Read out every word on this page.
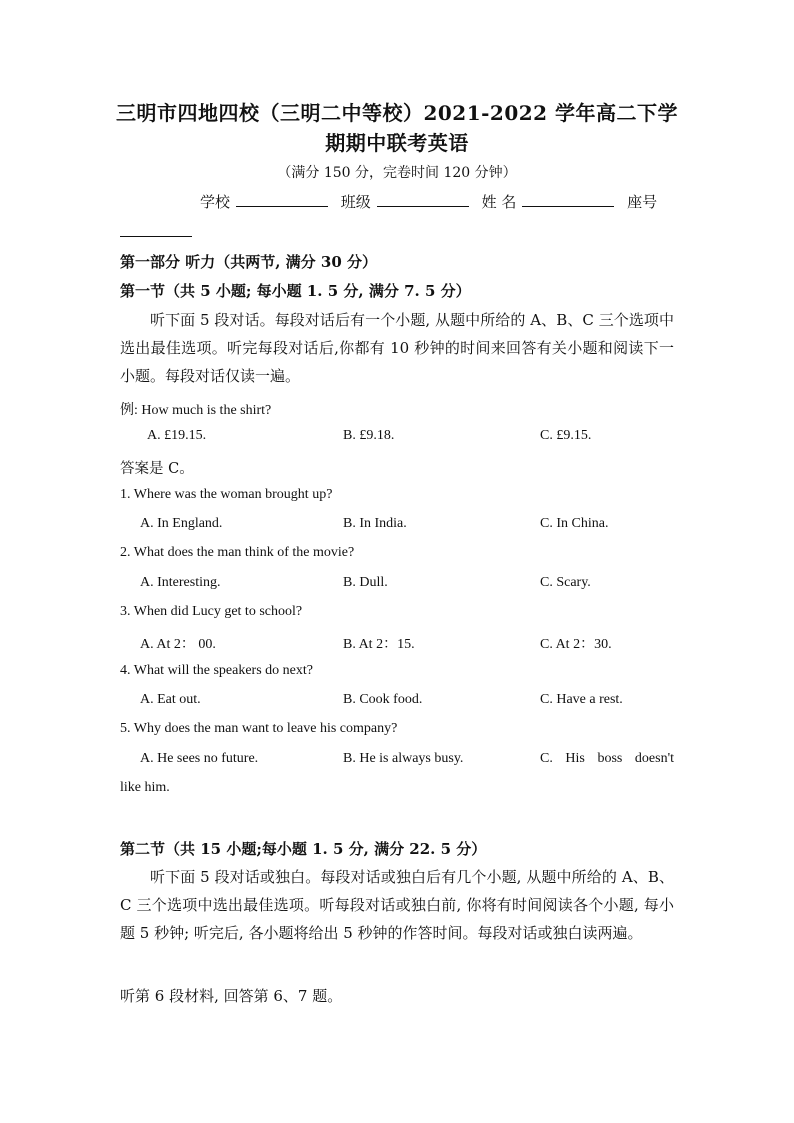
三明市四地四校（三明二中等校）2021-2022 学年高二下学
期期中联考英语
（满分 150 分，完卷时间 120 分钟）
学校	班级	姓 名	座号
第一部分 听力（共两节, 满分 30 分）
第一节（共 5 小题; 每小题 1. 5 分, 满分 7. 5 分）
听下面 5 段对话。每段对话后有一个小题, 从题中所给的 A、B、C 三个选项中选出最佳选项。听完每段对话后,你都有 10 秒钟的时间来回答有关小题和阅读下一小题。每段对话仅读一遍。
例: How much is the shirt?
A. £19.15.	B. £9.18.	C. £9.15.
答案是 C。
1. Where was the woman brought up?
A. In England.	B. In India.	C. In China.
2. What does the man think of the movie?
A. Interesting.	B. Dull.	C. Scary.
3. When did Lucy get to school?
A. At 2： 00.	B. At 2：15.	C. At 2：30.
4. What will the speakers do next?
A. Eat out.	B. Cook food.	C. Have a rest.
5. Why does the man want to leave his company?
A. He sees no future.	B. He is always busy.	C. His boss doesn't
like him.
第二节（共 15 小题;每小题 1. 5 分, 满分 22. 5 分）
听下面 5 段对话或独白。每段对话或独白后有几个小题, 从题中所给的 A、B、C 三个选项中选出最佳选项。听每段对话或独白前, 你将有时间阅读各个小题, 每小题 5 秒钟; 听完后, 各小题将给出 5 秒钟的作答时间。每段对话或独白读两遍。
听第 6 段材料, 回答第 6、7 题。
